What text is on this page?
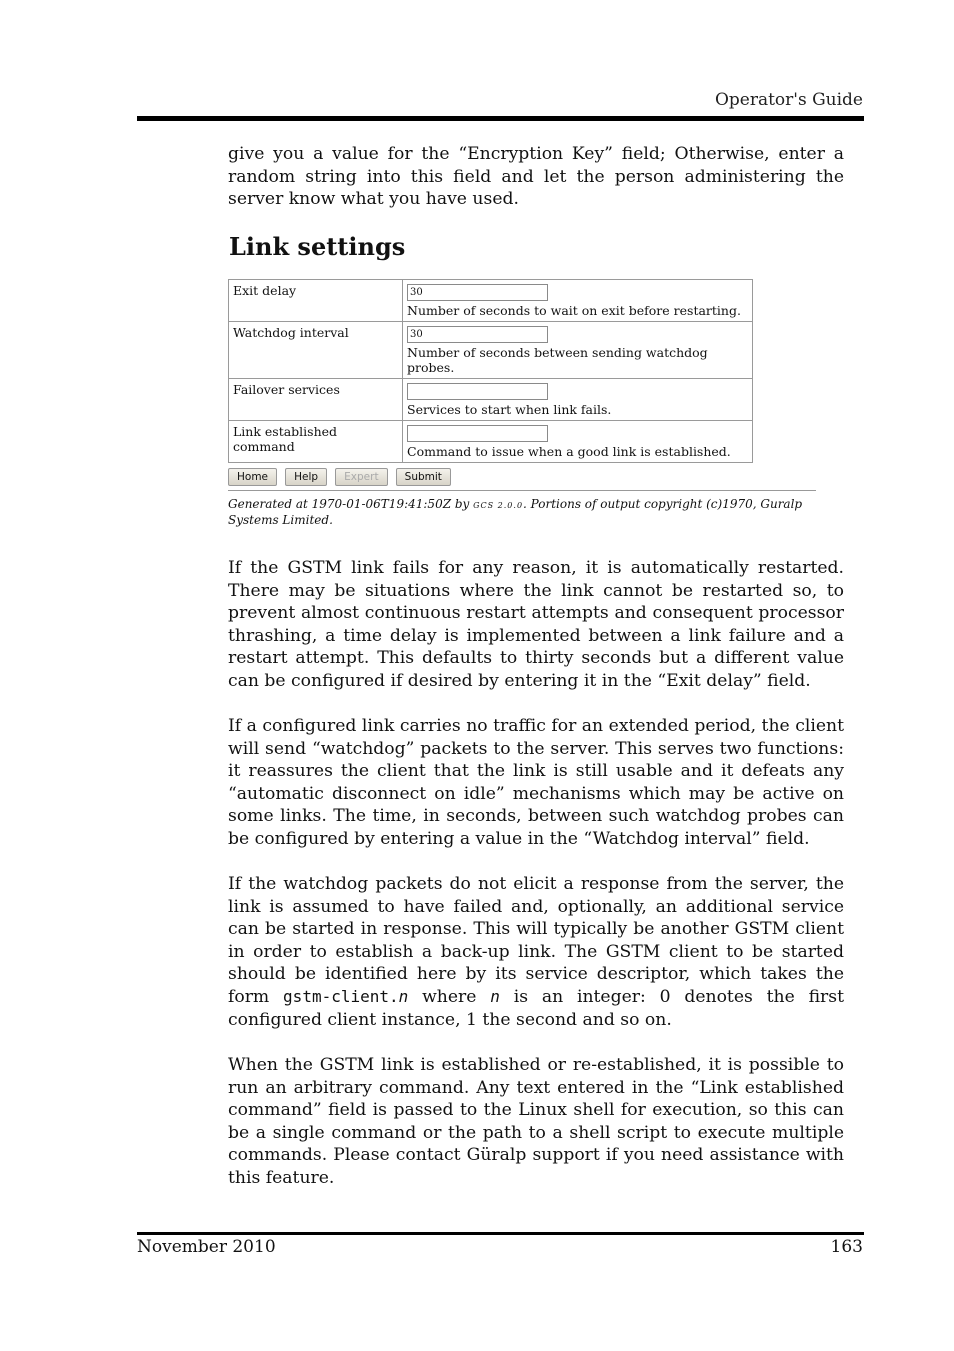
Operator's Guide

give you a value for the “Encryption Key” field; Otherwise, enter a random string into this field and let the person administering the server know what you have used.

Link settings
Exit delay	30
Number of seconds to wait on exit before restarting.

Watchdog interval	30
Number of seconds between sending watchdog probes.

Failover services	Services to start when link fails.

Link established command	Command to issue when a good link is established.
Home Help Expert Submit
Generated at 1970-01-06T19:41:50Z by GCS 2.0.0. Portions of output copyright (c)1970, Guralp Systems Limited.

If the GSTM link fails for any reason, it is automatically restarted. There may be situations where the link cannot be restarted so, to prevent almost continuous restart attempts and consequent processor thrashing, a time delay is implemented between a link failure and a restart attempt. This defaults to thirty seconds but a different value can be configured if desired by entering it in the “Exit delay” field.

If a configured link carries no traffic for an extended period, the client will send “watchdog” packets to the server. This serves two functions: it reassures the client that the link is still usable and it defeats any “automatic disconnect on idle” mechanisms which may be active on some links. The time, in seconds, between such watchdog probes can be configured by entering a value in the “Watchdog interval” field.

If the watchdog packets do not elicit a response from the server, the link is assumed to have failed and, optionally, an additional service can be started in response. This will typically be another GSTM client in order to establish a back-up link. The GSTM client to be started should be identified here by its service descriptor, which takes the form gstm-client.n where n is an integer: 0 denotes the first configured client instance, 1 the second and so on.

When the GSTM link is established or re-established, it is possible to run an arbitrary command. Any text entered in the “Link established command” field is passed to the Linux shell for execution, so this can be a single command or the path to a shell script to execute multiple commands. Please contact Güralp support if you need assistance with this feature.

November 2010	163
